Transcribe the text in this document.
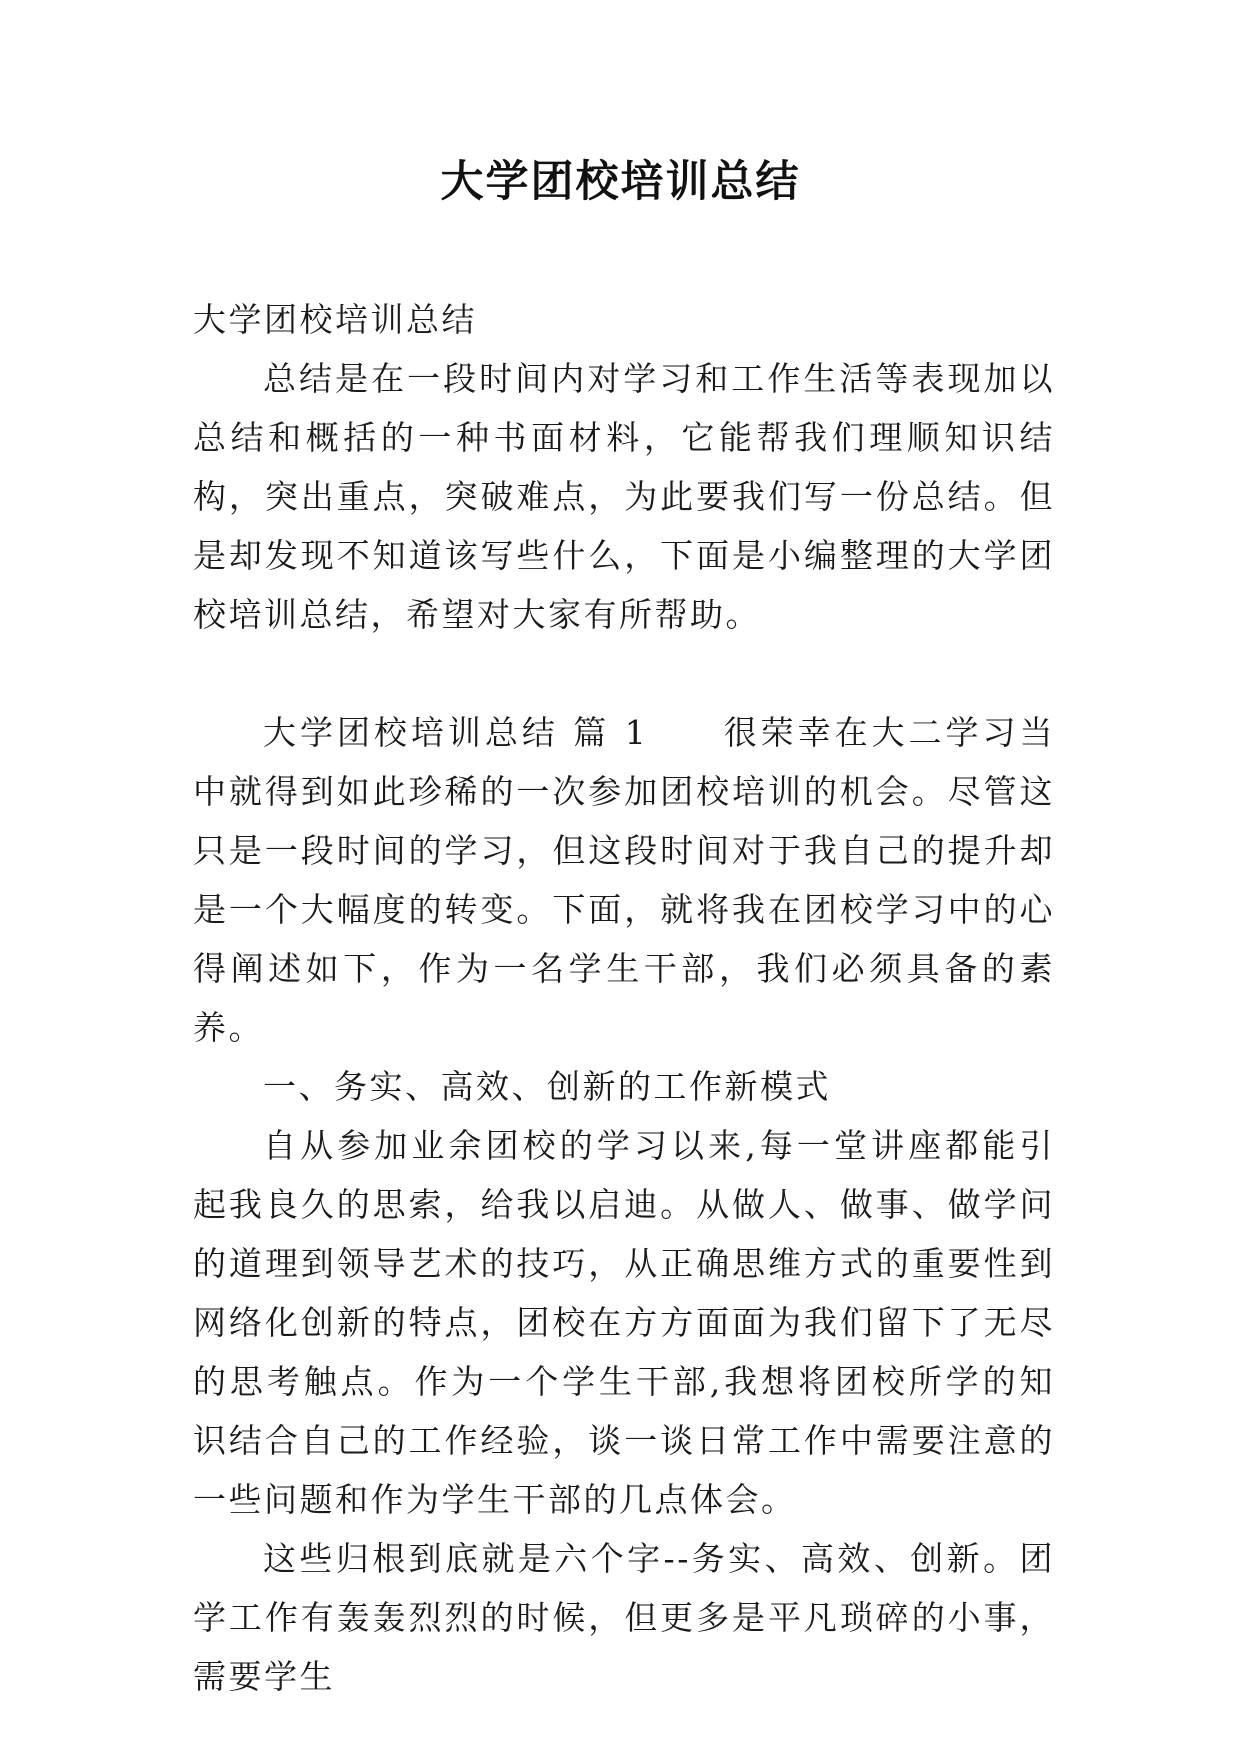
大学团校培训总结

大学团校培训总结

总结是在一段时间内对学习和工作生活等表现加以总结和概括的一种书面材料，它能帮我们理顺知识结构，突出重点，突破难点，为此要我们写一份总结。但是却发现不知道该写些什么，下面是小编整理的大学团校培训总结，希望对大家有所帮助。

大学团校培训总结 篇 1 很荣幸在大二学习当中就得到如此珍稀的一次参加团校培训的机会。尽管这只是一段时间的学习，但这段时间对于我自己的提升却是一个大幅度的转变。下面，就将我在团校学习中的心得阐述如下，作为一名学生干部，我们必须具备的素养。

一、务实、高效、创新的工作新模式

自从参加业余团校的学习以来,每一堂讲座都能引起我良久的思索，给我以启迪。从做人、做事、做学问的道理到领导艺术的技巧，从正确思维方式的重要性到网络化创新的特点，团校在方方面面为我们留下了无尽的思考触点。作为一个学生干部,我想将团校所学的知识结合自己的工作经验，谈一谈日常工作中需要注意的一些问题和作为学生干部的几点体会。

这些归根到底就是六个字--务实、高效、创新。团学工作有轰轰烈烈的时候，但更多是平凡琐碎的小事，需要学生
